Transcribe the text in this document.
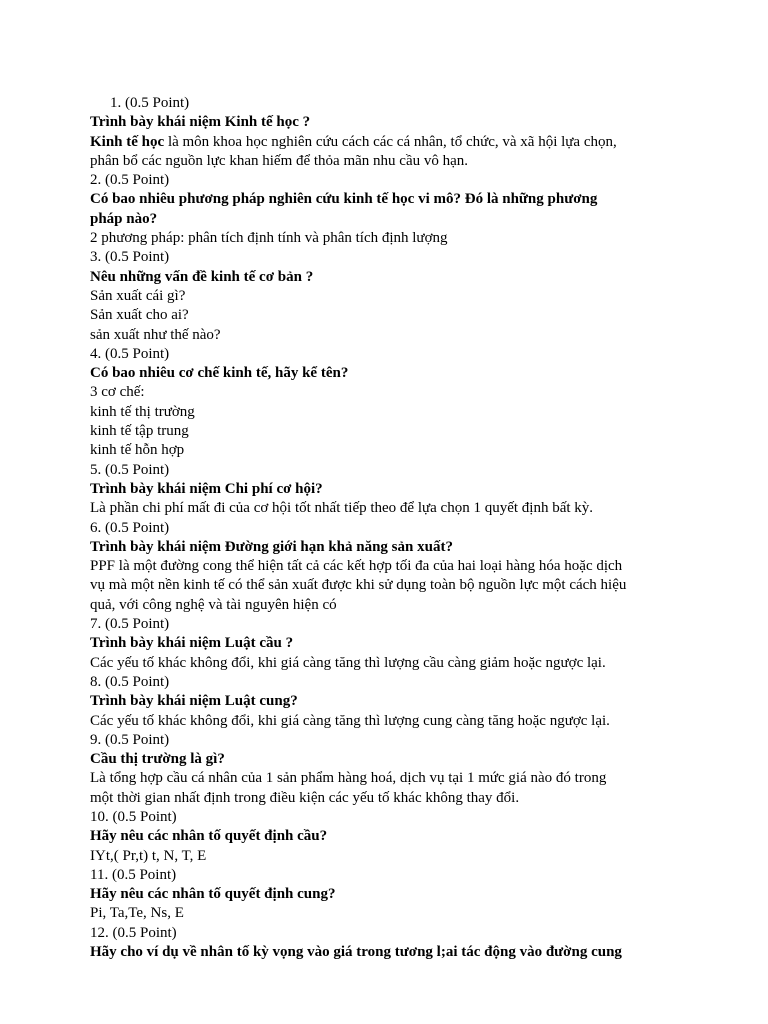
1. (0.5 Point)
Trình bày khái niệm Kinh tế học ?
Kinh tế học là môn khoa học nghiên cứu cách các cá nhân, tổ chức, và xã hội lựa chọn,
phân bổ các nguồn lực khan hiếm để thỏa mãn nhu cầu vô hạn.
2. (0.5 Point)
Có bao nhiêu phương pháp nghiên cứu kinh tế học vi mô? Đó là những phương
pháp nào?
2 phương pháp: phân tích định tính và phân tích định lượng
3. (0.5 Point)
Nêu những vấn đề kinh tế cơ bản ?
Sản xuất cái gì?
Sản xuất cho ai?
sản xuất như thế nào?
4. (0.5 Point)
Có bao nhiêu cơ chế kinh tế, hãy kể tên?
3 cơ chế:
kinh tế thị trường
kinh tế tập trung
kinh tế hỗn hợp
5. (0.5 Point)
Trình bày khái niệm Chi phí cơ hội?
Là phần chi phí mất đi của cơ hội tốt nhất tiếp theo để lựa chọn 1 quyết định bất kỳ.
6. (0.5 Point)
Trình bày khái niệm Đường giới hạn khả năng sản xuất?
PPF là một đường cong thể hiện tất cả các kết hợp tối đa của hai loại hàng hóa hoặc dịch
vụ mà một nền kinh tế có thể sản xuất được khi sử dụng toàn bộ nguồn lực một cách hiệu
quả, với công nghệ và tài nguyên hiện có
7. (0.5 Point)
Trình bày khái niệm Luật cầu ?
Các yếu tố khác không đổi, khi giá càng tăng thì lượng cầu càng giảm hoặc ngược lại.
8. (0.5 Point)
Trình bày khái niệm Luật cung?
Các yếu tố khác không đổi, khi giá càng tăng thì lượng cung càng tăng hoặc ngược lại.
9. (0.5 Point)
Cầu thị trường là gì?
Là tổng hợp cầu cá nhân của 1 sản phẩm hàng hoá, dịch vụ tại 1 mức giá nào đó trong
một thời gian nhất định trong điều kiện các yếu tố khác không thay đổi.
10. (0.5 Point)
Hãy nêu các nhân tố quyết định cầu?
IYt,( Pr,t) t, N, T, E
11. (0.5 Point)
Hãy nêu các nhân tố quyết định cung?
Pi, Ta,Te, Ns, E
12. (0.5 Point)
Hãy cho ví dụ về nhân tố kỳ vọng vào giá trong tương l;ai tác động vào đường cung
